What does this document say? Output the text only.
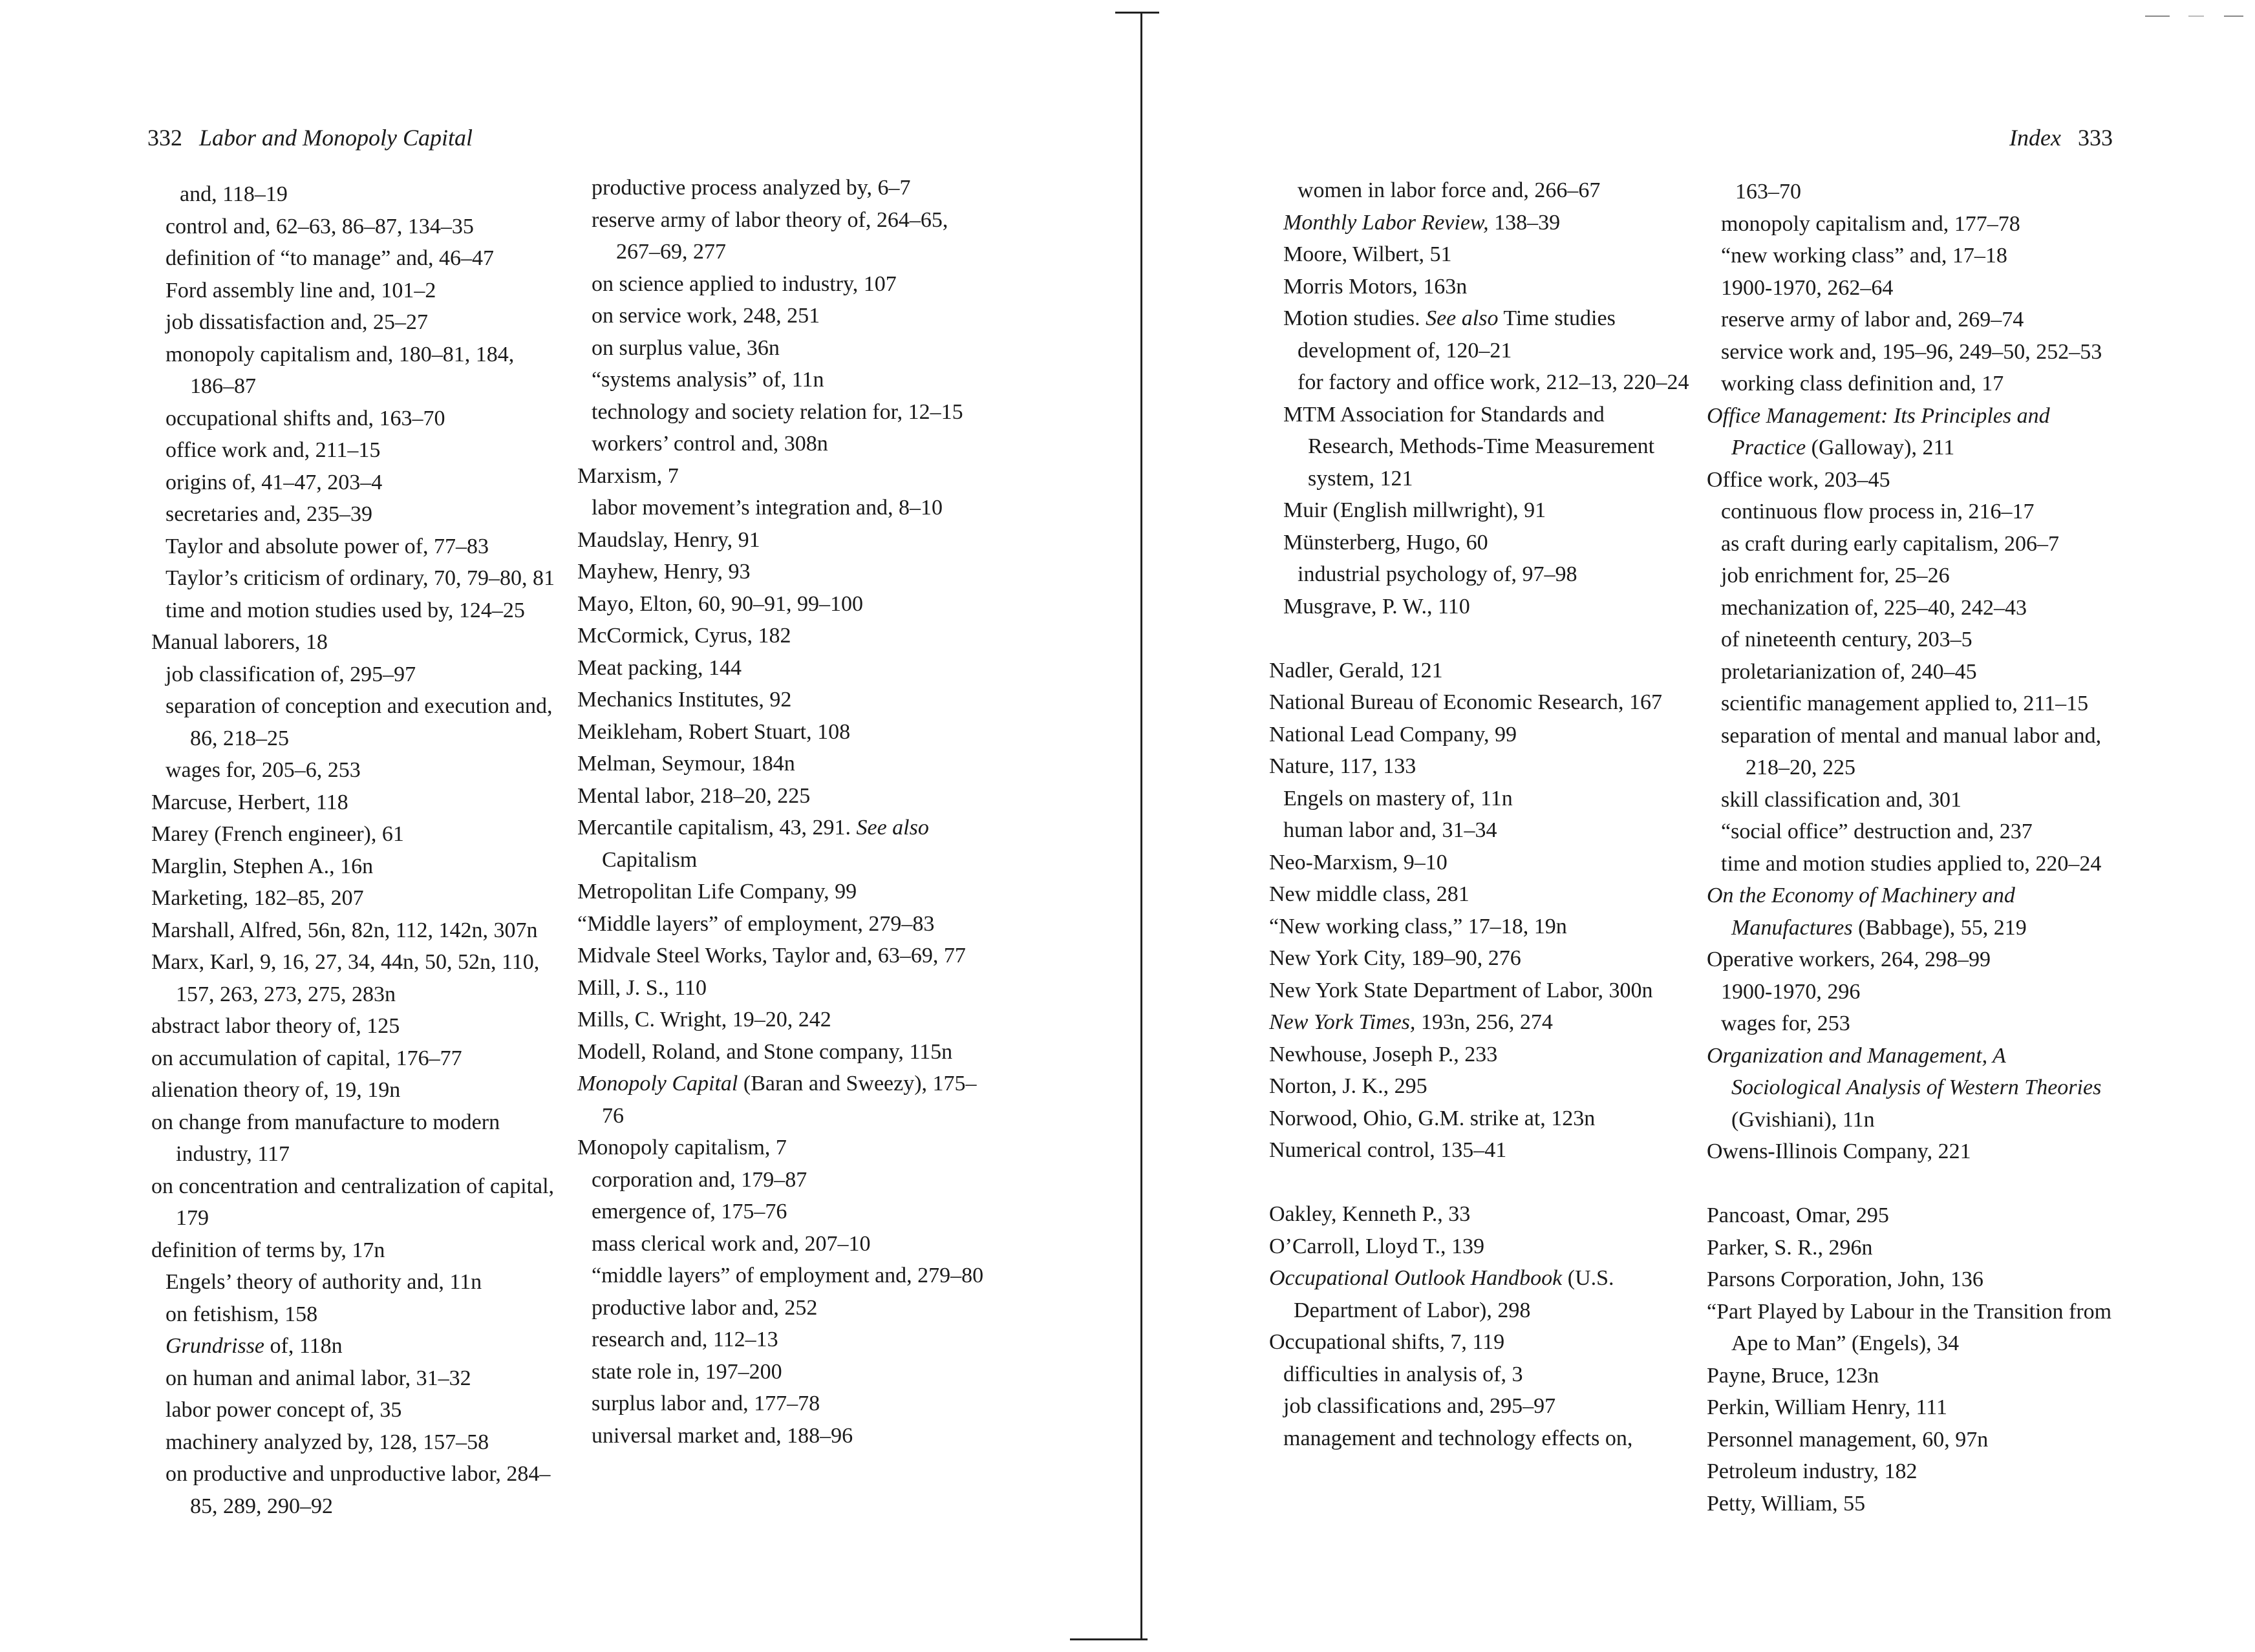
332 Labor and Monopoly Capital	Index 333
and, 118–19
control and, 62–63, 86–87, 134–35
definition of “to manage” and, 46–47
Ford assembly line and, 101–2
job dissatisfaction and, 25–27
monopoly capitalism and, 180–81, 184, 186–87
occupational shifts and, 163–70
office work and, 211–15
origins of, 41–47, 203–4
secretaries and, 235–39
Taylor and absolute power of, 77–83
Taylor’s criticism of ordinary, 70, 79–80, 81
time and motion studies used by, 124–25
Manual laborers, 18
job classification of, 295–97
separation of conception and execution and, 86, 218–25
wages for, 205–6, 253
Marcuse, Herbert, 118
Marey (French engineer), 61
Marglin, Stephen A., 16n
Marketing, 182–85, 207
Marshall, Alfred, 56n, 82n, 112, 142n, 307n
Marx, Karl, 9, 16, 27, 34, 44n, 50, 52n, 110, 157, 263, 273, 275, 283n
abstract labor theory of, 125
on accumulation of capital, 176–77
alienation theory of, 19, 19n
on change from manufacture to modern industry, 117
on concentration and centralization of capital, 179
definition of terms by, 17n
Engels’ theory of authority and, 11n
on fetishism, 158
Grundrisse of, 118n
on human and animal labor, 31–32
labor power concept of, 35
machinery analyzed by, 128, 157–58
on productive and unproductive labor, 284–85, 289, 290–92
productive process analyzed by, 6–7
reserve army of labor theory of, 264–65, 267–69, 277
on science applied to industry, 107
on service work, 248, 251
on surplus value, 36n
“systems analysis” of, 11n
technology and society relation for, 12–15
workers’ control and, 308n
Marxism, 7
labor movement’s integration and, 8–10
Maudslay, Henry, 91
Mayhew, Henry, 93
Mayo, Elton, 60, 90–91, 99–100
McCormick, Cyrus, 182
Meat packing, 144
Mechanics Institutes, 92
Meikleham, Robert Stuart, 108
Melman, Seymour, 184n
Mental labor, 218–20, 225
Mercantile capitalism, 43, 291. See also Capitalism
Metropolitan Life Company, 99
“Middle layers” of employment, 279–83
Midvale Steel Works, Taylor and, 63–69, 77
Mill, J. S., 110
Mills, C. Wright, 19–20, 242
Modell, Roland, and Stone company, 115n
Monopoly Capital (Baran and Sweezy), 175–76
Monopoly capitalism, 7
corporation and, 179–87
emergence of, 175–76
mass clerical work and, 207–10
“middle layers” of employment and, 279–80
productive labor and, 252
research and, 112–13
state role in, 197–200
surplus labor and, 177–78
universal market and, 188–96
women in labor force and, 266–67
Monthly Labor Review, 138–39
Moore, Wilbert, 51
Morris Motors, 163n
Motion studies. See also Time studies
development of, 120–21
for factory and office work, 212–13, 220–24
MTM Association for Standards and Research, Methods-Time Measurement system, 121
Muir (English millwright), 91
Münsterberg, Hugo, 60
industrial psychology of, 97–98
Musgrave, P. W., 110
Nadler, Gerald, 121
National Bureau of Economic Research, 167
National Lead Company, 99
Nature, 117, 133
Engels on mastery of, 11n
human labor and, 31–34
Neo-Marxism, 9–10
New middle class, 281
“New working class,” 17–18, 19n
New York City, 189–90, 276
New York State Department of Labor, 300n
New York Times, 193n, 256, 274
Newhouse, Joseph P., 233
Norton, J. K., 295
Norwood, Ohio, G.M. strike at, 123n
Numerical control, 135–41
Oakley, Kenneth P., 33
O’Carroll, Lloyd T., 139
Occupational Outlook Handbook (U.S. Department of Labor), 298
Occupational shifts, 7, 119
difficulties in analysis of, 3
job classifications and, 295–97
management and technology effects on,
163–70
monopoly capitalism and, 177–78
“new working class” and, 17–18
1900-1970, 262–64
reserve army of labor and, 269–74
service work and, 195–96, 249–50, 252–53
working class definition and, 17
Office Management: Its Principles and Practice (Galloway), 211
Office work, 203–45
continuous flow process in, 216–17
as craft during early capitalism, 206–7
job enrichment for, 25–26
mechanization of, 225–40, 242–43
of nineteenth century, 203–5
proletarianization of, 240–45
scientific management applied to, 211–15
separation of mental and manual labor and, 218–20, 225
skill classification and, 301
“social office” destruction and, 237
time and motion studies applied to, 220–24
On the Economy of Machinery and Manufactures (Babbage), 55, 219
Operative workers, 264, 298–99
1900-1970, 296
wages for, 253
Organization and Management, A Sociological Analysis of Western Theories (Gvishiani), 11n
Owens-Illinois Company, 221
Pancoast, Omar, 295
Parker, S. R., 296n
Parsons Corporation, John, 136
“Part Played by Labour in the Transition from Ape to Man” (Engels), 34
Payne, Bruce, 123n
Perkin, William Henry, 111
Personnel management, 60, 97n
Petroleum industry, 182
Petty, William, 55
